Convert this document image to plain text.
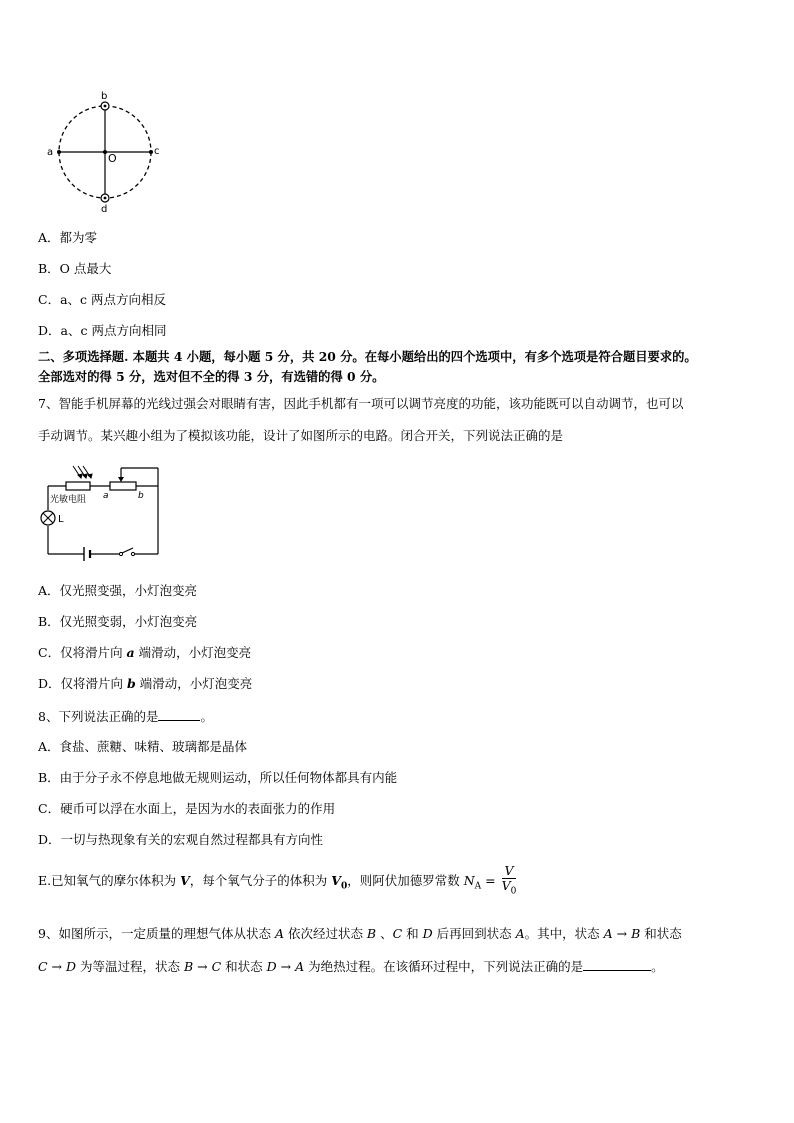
b
a	O
c
d
A．都为零
B．O 点最大
C．a、c 两点方向相反
D．a、c 两点方向相同
二、多项选择题. 本题共 4 小题，每小题 5 分，共 20 分。在每小题给出的四个选项中，有多个选项是符合题目要求的。
全部选对的得 5 分，选对但不全的得 3 分，有选错的得 0 分。
7、智能手机屏幕的光线过强会对眼睛有害，因此手机都有一项可以调节亮度的功能，该功能既可以自动调节，也可以
手动调节。某兴趣小组为了模拟该功能，设计了如图所示的电路。闭合开关，下列说法正确的是
光敏电阻 a	b
L
A．仅光照变强，小灯泡变亮
B．仅光照变弱，小灯泡变亮
C．仅将滑片向 a 端滑动，小灯泡变亮
D．仅将滑片向 b 端滑动，小灯泡变亮
8、下列说法正确的是	。
A．食盐、蔗糖、味精、玻璃都是晶体
B．由于分子永不停息地做无规则运动，所以任何物体都具有内能
C．硬币可以浮在水面上，是因为水的表面张力的作用
D．一切与热现象有关的宏观自然过程都具有方向性
E.已知氧气的摩尔体积为 V，每个氧气分子的体积为 $V_0$，则阿伏加德罗常数 $N_A = \frac{V}{V_0}$
9、如图所示，一定质量的理想气体从状态 A 依次经过状态 B 、C 和 D 后再回到状态 A。其中，状态 A → B 和状态
C → D 为等温过程，状态 B → C 和状态 D → A 为绝热过程。在该循环过程中，下列说法正确的是	。
